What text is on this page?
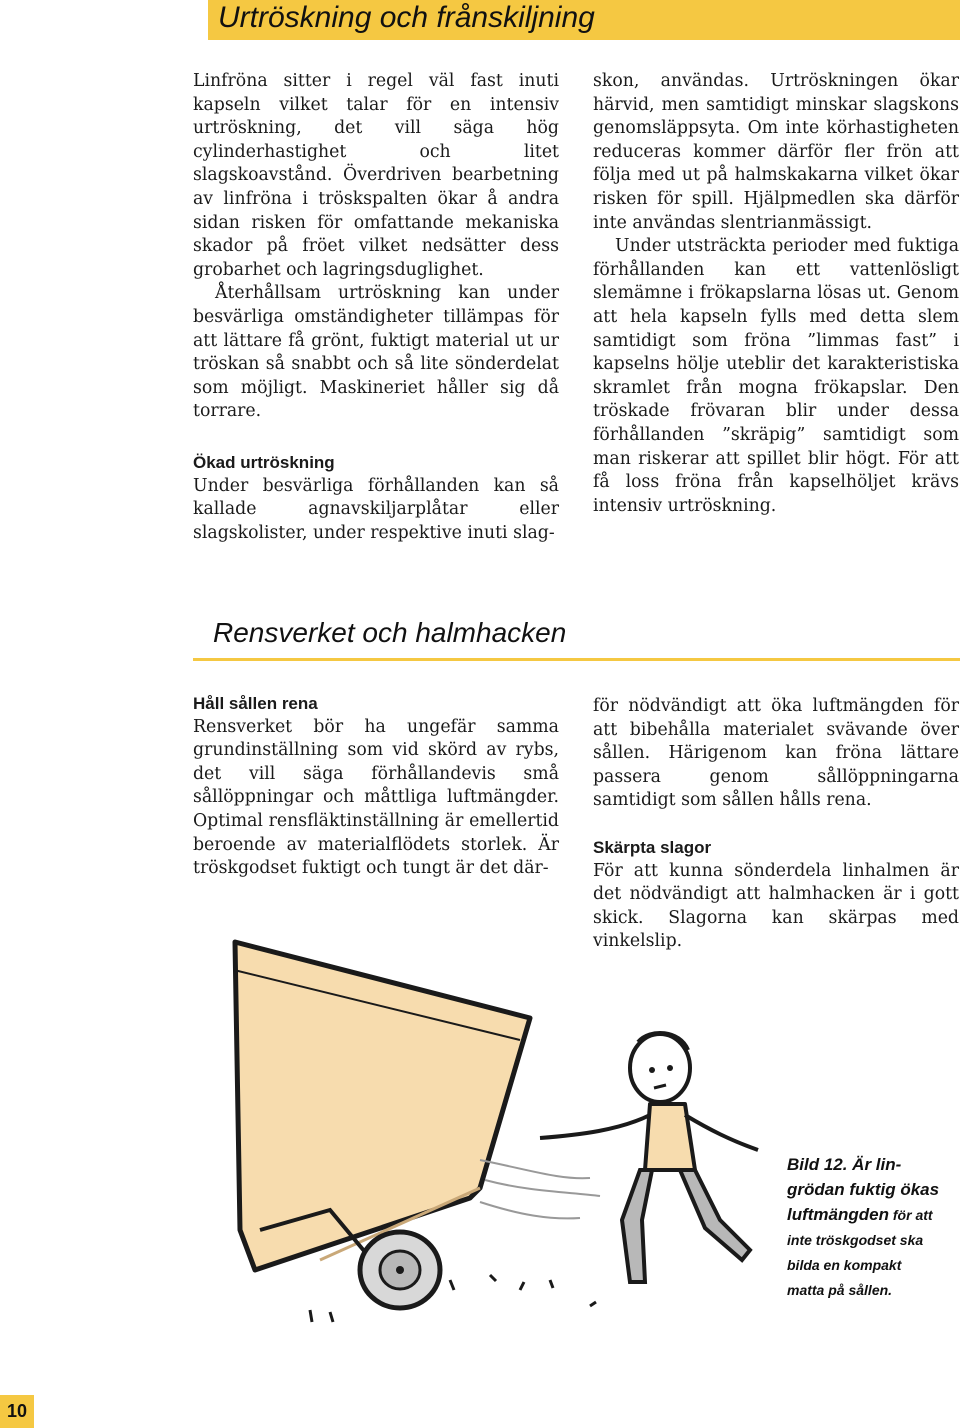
Urtröskning och frånskiljning

Linfröna sitter i regel väl fast inuti kapseln vilket talar för en intensiv urtröskning, det vill säga hög cylinderhastighet och litet slagskoavstånd. Överdriven bearbetning av linfröna i tröskspalten ökar å andra sidan risken för omfattande mekaniska skador på fröet vilket nedsätter dess grobarhet och lagringsduglighet.

Återhållsam urtröskning kan under besvärliga omständigheter tillämpas för att lättare få grönt, fuktigt material ut ur tröskan så snabbt och så lite sönderdelat som möjligt. Maskineriet håller sig då torrare.

Ökad urtröskning

Under besvärliga förhållanden kan så kallade agnavskiljarplåtar eller slagskolister, under respektive inuti slag-

skon, användas. Urtröskningen ökar härvid, men samtidigt minskar slagskons genomsläppsyta. Om inte körhastigheten reduceras kommer därför fler frön att följa med ut på halmskakarna vilket ökar risken för spill. Hjälpmedlen ska därför inte användas slentrianmässigt.

Under utsträckta perioder med fuktiga förhållanden kan ett vattenlösligt slemämne i frökapslarna lösas ut. Genom att hela kapseln fylls med detta slem samtidigt som fröna ”limmas fast” i kapselns hölje uteblir det karakteristiska skramlet från mogna frökapslar. Den tröskade frövaran blir under dessa förhållanden ”skräpig” samtidigt som man riskerar att spillet blir högt. För att få loss fröna från kapselhöljet krävs intensiv urtröskning.

Rensverket och halmhacken
Håll sållen rena

Rensverket bör ha ungefär samma grundinställning som vid skörd av rybs, det vill säga förhållandevis små sållöppningar och måttliga luftmängder. Optimal rensfläktinställning är emellertid beroende av materialflödets storlek. Är tröskgodset fuktigt och tungt är det där-

för nödvändigt att öka luftmängden för att bibehålla materialet svävande över sållen. Härigenom kan fröna lättare passera genom sållöppningarna samtidigt som sållen hålls rena.

Skärpta slagor

För att kunna sönderdela linhalmen är det nödvändigt att halmhacken är i gott skick. Slagorna kan skärpas med vinkelslip.

Bild 12. Är lin-
grödan fuktig ökas
luftmängden för att
inte tröskgodset ska
bilda en kompakt
matta på sållen.
10
